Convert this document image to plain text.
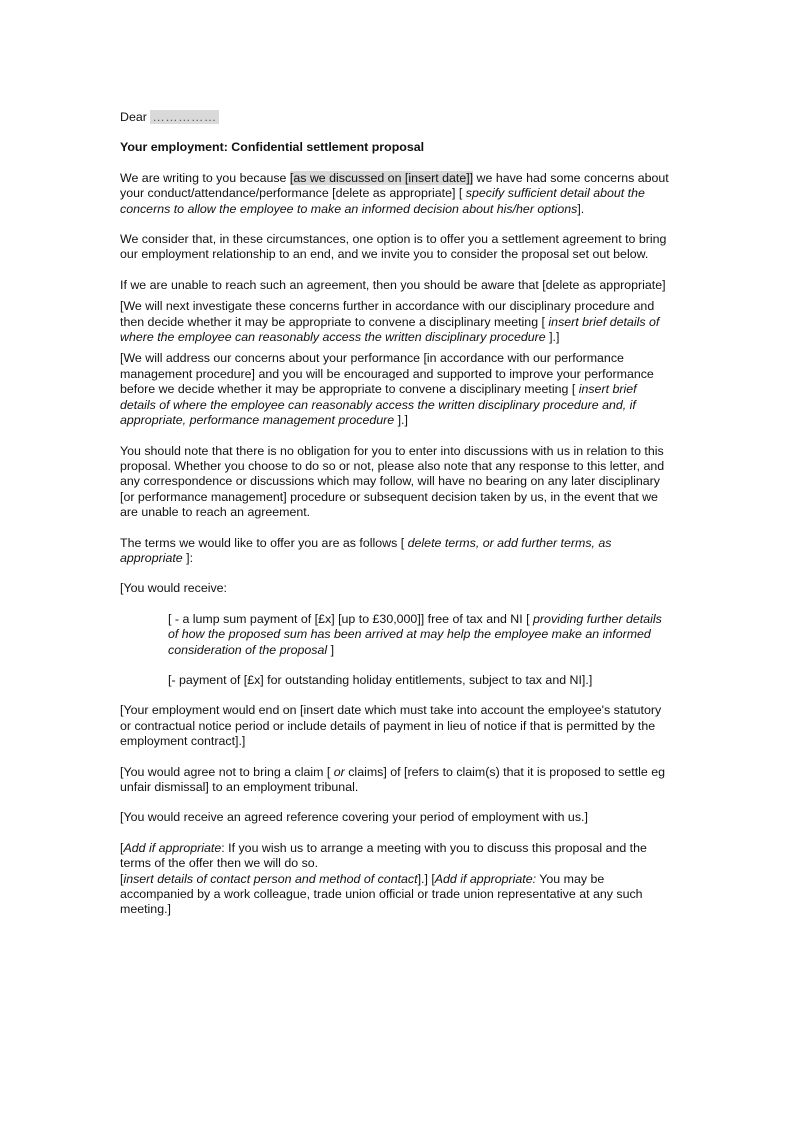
Dear ……………

Your employment: Confidential settlement proposal

We are writing to you because [as we discussed on [insert date]] we have had some concerns about your conduct/attendance/performance [delete as appropriate] [ specify sufficient detail about the concerns to allow the employee to make an informed decision about his/her options].

We consider that, in these circumstances, one option is to offer you a settlement agreement to bring our employment relationship to an end, and we invite you to consider the proposal set out below.

If we are unable to reach such an agreement, then you should be aware that [delete as appropriate]

[We will next investigate these concerns further in accordance with our disciplinary procedure and then decide whether it may be appropriate to convene a disciplinary meeting [ insert brief details of where the employee can reasonably access the written disciplinary procedure ].]

[We will address our concerns about your performance [in accordance with our performance management procedure] and you will be encouraged and supported to improve your performance before we decide whether it may be appropriate to convene a disciplinary meeting [ insert brief details of where the employee can reasonably access the written disciplinary procedure and, if appropriate, performance management procedure ].]

You should note that there is no obligation for you to enter into discussions with us in relation to this proposal. Whether you choose to do so or not, please also note that any response to this letter, and any correspondence or discussions which may follow, will have no bearing on any later disciplinary [or performance management] procedure or subsequent decision taken by us, in the event that we are unable to reach an agreement.

The terms we would like to offer you are as follows [ delete terms, or add further terms, as appropriate ]:

[You would receive:

[ - a lump sum payment of [£x] [up to £30,000]] free of tax and NI [ providing further details of how the proposed sum has been arrived at may help the employee make an informed consideration of the proposal ]

[- payment of [£x] for outstanding holiday entitlements, subject to tax and NI].]

[Your employment would end on [insert date which must take into account the employee's statutory or contractual notice period or include details of payment in lieu of notice if that is permitted by the employment contract].]

[You would agree not to bring a claim [ or claims] of [refers to claim(s) that it is proposed to settle eg unfair dismissal] to an employment tribunal.

[You would receive an agreed reference covering your period of employment with us.]

[Add if appropriate: If you wish us to arrange a meeting with you to discuss this proposal and the terms of the offer then we will do so.

[insert details of contact person and method of contact].] [Add if appropriate: You may be accompanied by a work colleague, trade union official or trade union representative at any such meeting.]
